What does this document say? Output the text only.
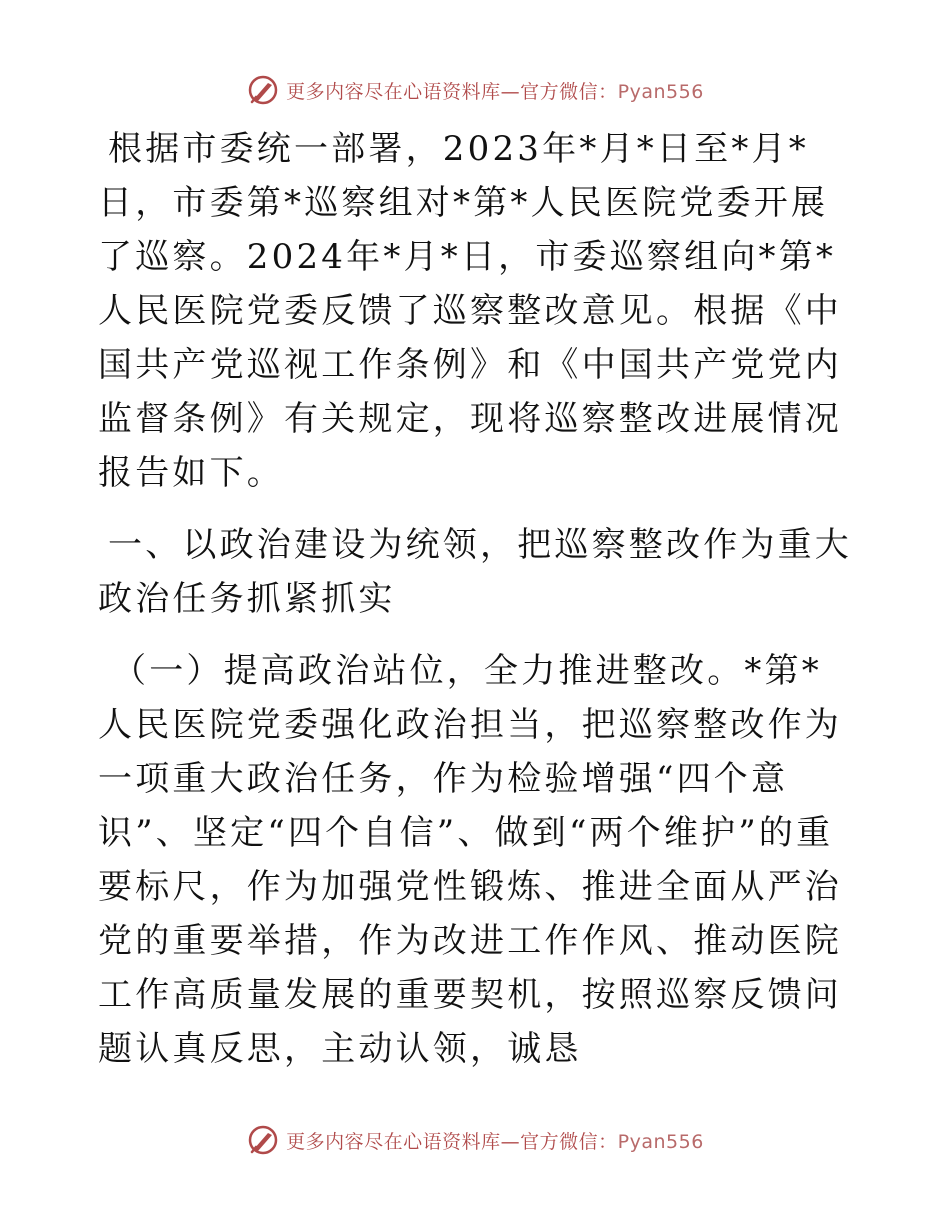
更多内容尽在心语资料库—官方微信：Pyan556

根据市委统一部署，2023年*月*日至*月*日，市委第*巡察组对*第*人民医院党委开展了巡察。2024年*月*日，市委巡察组向*第*人民医院党委反馈了巡察整改意见。根据《中国共产党巡视工作条例》和《中国共产党党内监督条例》有关规定，现将巡察整改进展情况报告如下。

一、以政治建设为统领，把巡察整改作为重大政治任务抓紧抓实

（一）提高政治站位，全力推进整改。*第*人民医院党委强化政治担当，把巡察整改作为一项重大政治任务，作为检验增强“四个意识”、坚定“四个自信”、做到“两个维护”的重要标尺，作为加强党性锻炼、推进全面从严治党的重要举措，作为改进工作作风、推动医院工作高质量发展的重要契机，按照巡察反馈问题认真反思，主动认领，诚恳

更多内容尽在心语资料库—官方微信：Pyan556
